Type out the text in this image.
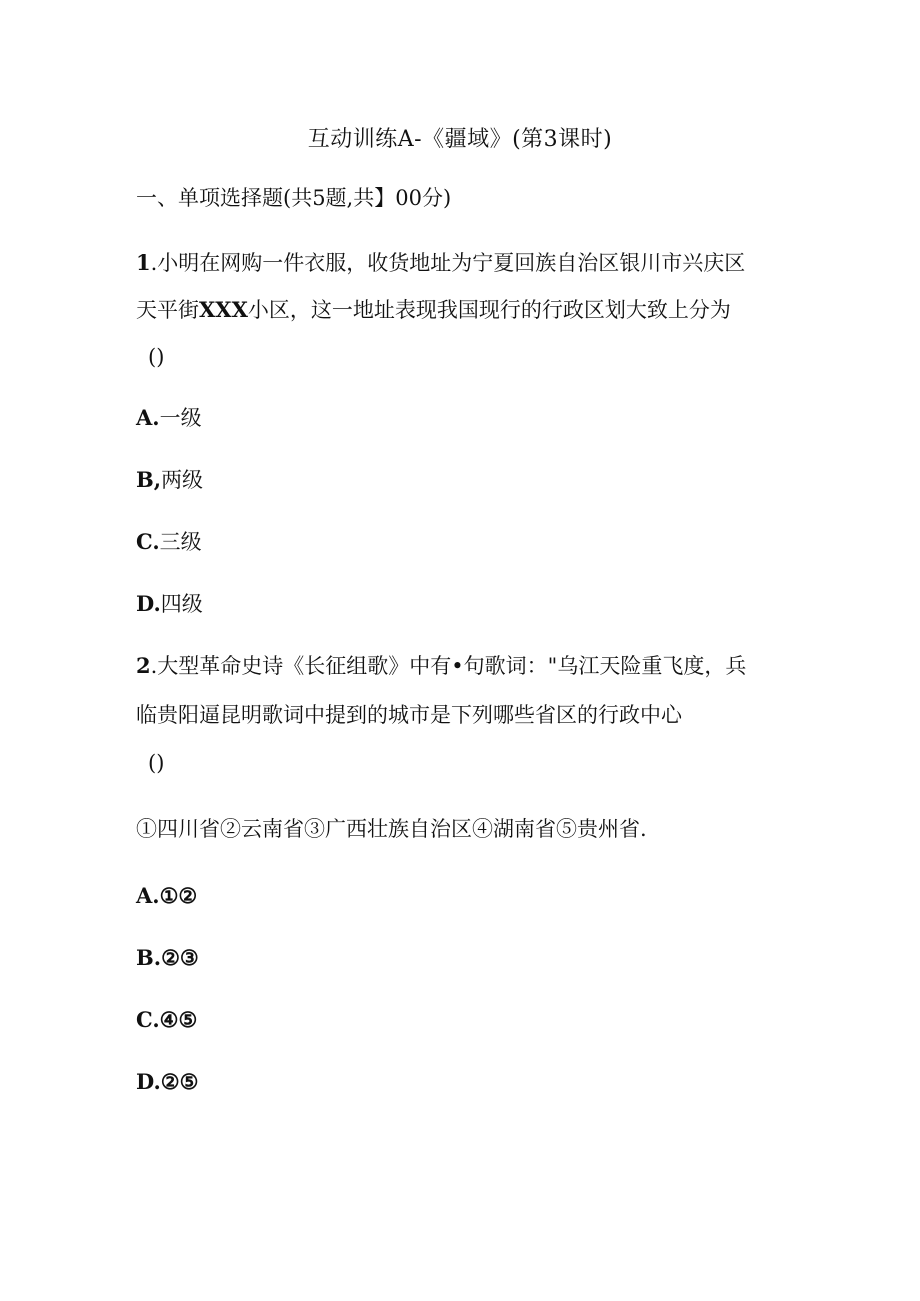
互动训练A-《疆域》(第3课时)
一、单项选择题(共5题,共】00分)
1.小明在网购一件衣服，收货地址为宁夏回族自治区银川市兴庆区
天平街XXX小区，这一地址表现我国现行的行政区划大致上分为
()
A.一级
B,两级
C.三级
D.四级
2.大型革命史诗《长征组歌》中有•句歌词："乌江天险重飞度，兵
临贵阳逼昆明歌词中提到的城市是下列哪些省区的行政中心
()
①四川省②云南省③广西壮族自治区④湖南省⑤贵州省.
A.①②
B.②③
C.④⑤
D.②⑤
